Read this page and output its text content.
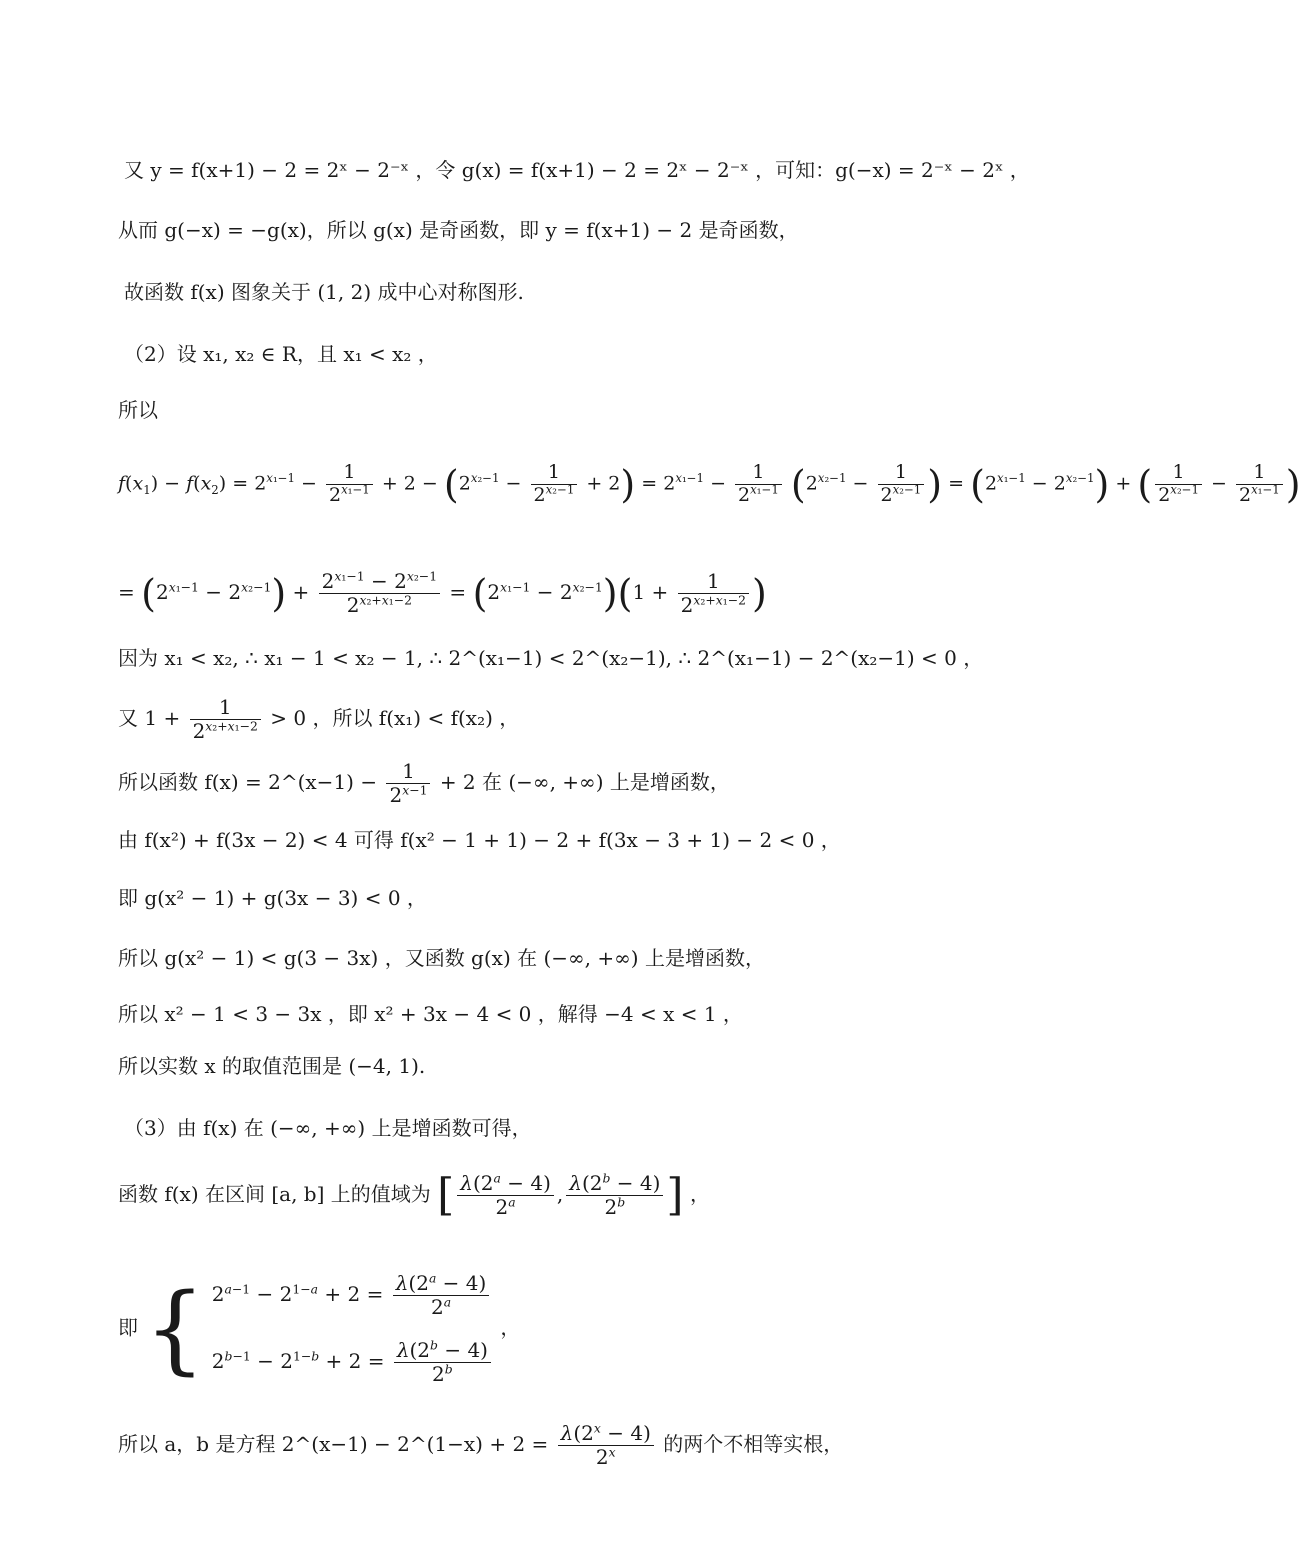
又 y = f(x+1) − 2 = 2ˣ − 2⁻ˣ ，令 g(x) = f(x+1) − 2 = 2ˣ − 2⁻ˣ ，可知：g(−x) = 2⁻ˣ − 2ˣ ，
从而 g(−x) = −g(x)，所以 g(x) 是奇函数，即 y = f(x+1) − 2 是奇函数，
故函数 f(x) 图象关于 (1, 2) 成中心对称图形.
（2）设 x₁, x₂ ∈ R，且 x₁ < x₂ ，
所以
$f(x_1) - f(x_2) = 2^{x_1-1} - \frac{1}{2^{x_1-1}} + 2 - (2^{x_2-1} - \frac{1}{2^{x_2-1}} + 2) = 2^{x_1-1} - \frac{1}{2^{x_1-1}} (2^{x_2-1} - \frac{1}{2^{x_2-1}}$ ) = $(2^{x_1-1} - 2^{x_2-1})$ + ( $\frac{1}{2^{x_2-1}} - \frac{1}{2^{x_1-1}}$ )
= $(2^{x_1-1} - 2^{x_2-1}) + \frac{2^{x_1-1} - 2^{x_2-1}}{2^{x_2+x_1-2}} = (2^{x_1-1} - 2^{x_2-1})(1 + \frac{1}{2^{x_2+x_1-2}}$ )
因为 x₁ < x₂, ∴ x₁ − 1 < x₂ − 1, ∴ 2^(x₁−1) < 2^(x₂−1), ∴ 2^(x₁−1) − 2^(x₂−1) < 0 ，
又 $1 + \frac{1}{2^{x_2+x_1-2}} > 0$ ，所以 f(x₁) < f(x₂) ，
所以函数 f(x) = 2^(x−1) − $\frac{1}{2^{x-1}} + 2$ 在 (−∞, +∞) 上是增函数，
由 f(x²) + f(3x − 2) < 4 可得 f(x² − 1 + 1) − 2 + f(3x − 3 + 1) − 2 < 0 ，
即 g(x² − 1) + g(3x − 3) < 0 ，
所以 g(x² − 1) < g(3 − 3x) ，又函数 g(x) 在 (−∞, +∞) 上是增函数，
所以 x² − 1 < 3 − 3x ，即 x² + 3x − 4 < 0 ，解得 −4 < x < 1 ，
所以实数 x 的取值范围是 (−4, 1).
（3）由 f(x) 在 (−∞, +∞) 上是增函数可得，
函数 f(x) 在区间 [a, b] 上的值域为 [ $\frac{\lambda(2^a - 4)}{2^a}$ , $\frac{\lambda(2^b - 4)}{2^b}$ ] ，
即 { $2^{a-1} - 2^{1-a} + 2 = \frac{\lambda(2^a - 4)}{2^a}$
$2^{b-1} - 2^{1-b} + 2 = \frac{\lambda(2^b - 4)}{2^b}$
，
所以 a，b 是方程 2^(x−1) − 2^(1−x) + $2 = \frac{\lambda(2^x - 4)}{2^x}$ 的两个不相等实根，
